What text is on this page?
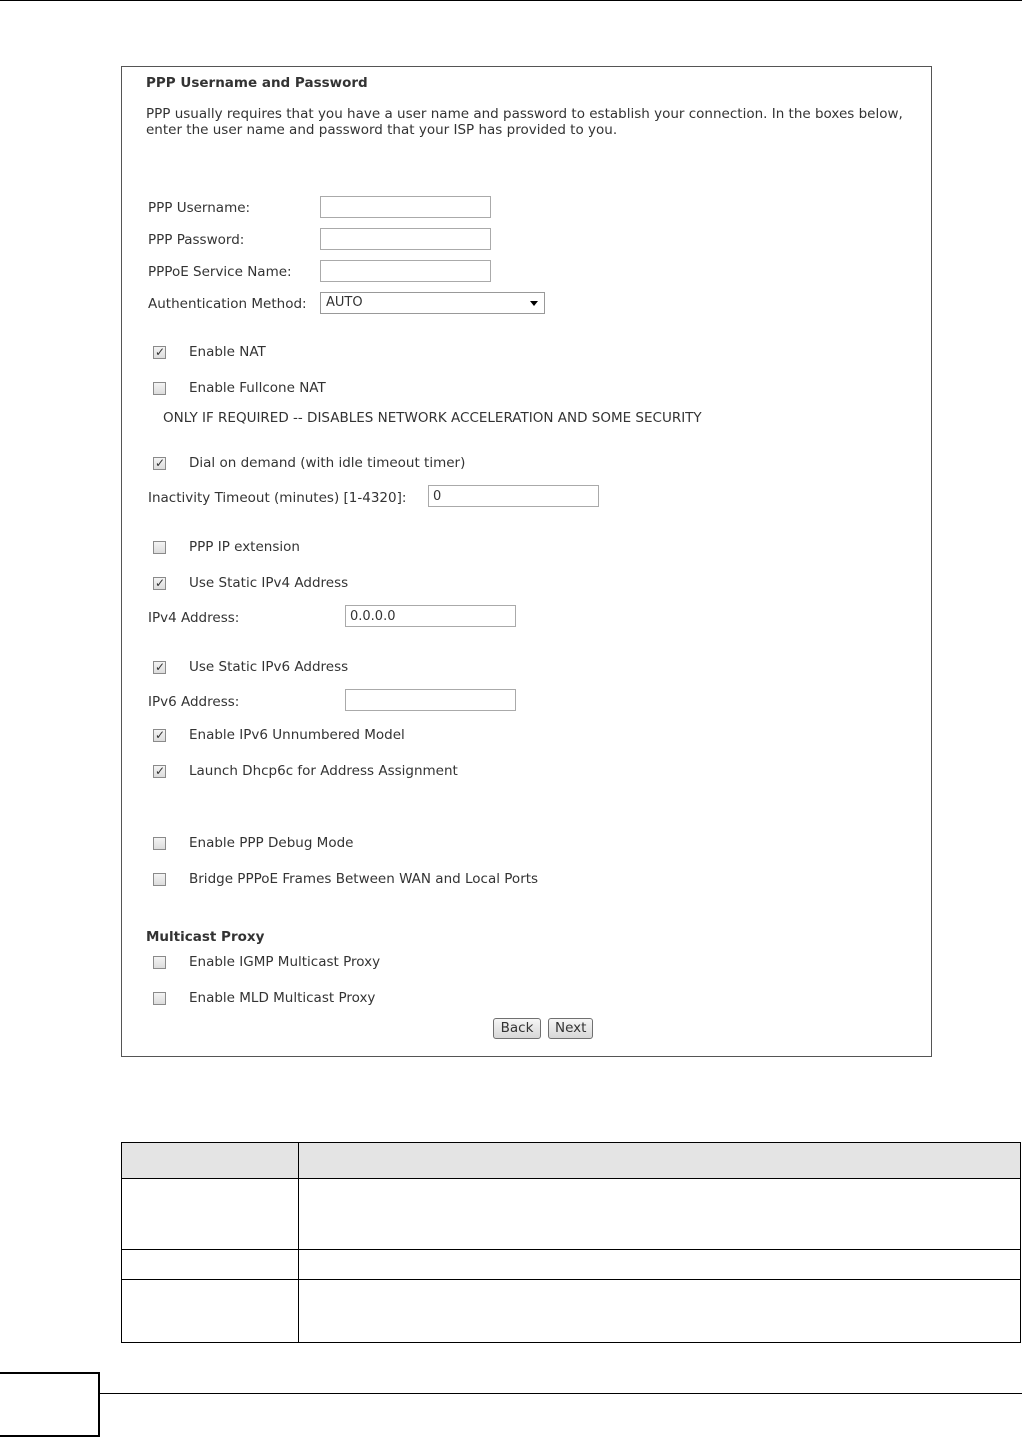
PPP Username and Password
PPP usually requires that you have a user name and password to establish your connection. In the boxes below, enter the user name and password that your ISP has provided to you.
PPP Username:
PPP Password:
PPPoE Service Name:
Authentication Method:	AUTO
✓ Enable NAT
Enable Fullcone NAT
ONLY IF REQUIRED -- DISABLES NETWORK ACCELERATION AND SOME SECURITY
✓ Dial on demand (with idle timeout timer)
Inactivity Timeout (minutes) [1-4320]:
0
PPP IP extension
✓ Use Static IPv4 Address
IPv4 Address:
0.0.0.0
✓ Use Static IPv6 Address
IPv6 Address:
✓ Enable IPv6 Unnumbered Model
✓ Launch Dhcp6c for Address Assignment
Enable PPP Debug Mode
Bridge PPPoE Frames Between WAN and Local Ports
Multicast Proxy
Enable IGMP Multicast Proxy
Enable MLD Multicast Proxy
Back	Next
